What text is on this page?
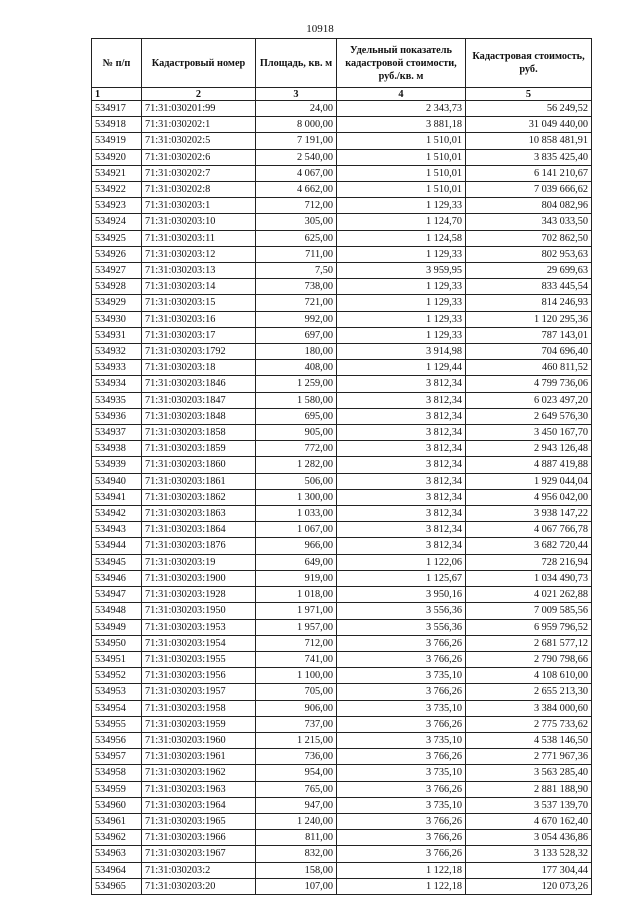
10918
№ п/п	Кадастровый номер	Площадь, кв. м	Удельный показатель кадастровой стоимости, руб./кв. м	Кадастровая стоимость, руб.
1	2	3	4	5
534917	71:31:030201:99	24,00	2 343,73	56 249,52
534918	71:31:030202:1	8 000,00	3 881,18	31 049 440,00
534919	71:31:030202:5	7 191,00	1 510,01	10 858 481,91
534920	71:31:030202:6	2 540,00	1 510,01	3 835 425,40
534921	71:31:030202:7	4 067,00	1 510,01	6 141 210,67
534922	71:31:030202:8	4 662,00	1 510,01	7 039 666,62
534923	71:31:030203:1	712,00	1 129,33	804 082,96
534924	71:31:030203:10	305,00	1 124,70	343 033,50
534925	71:31:030203:11	625,00	1 124,58	702 862,50
534926	71:31:030203:12	711,00	1 129,33	802 953,63
534927	71:31:030203:13	7,50	3 959,95	29 699,63
534928	71:31:030203:14	738,00	1 129,33	833 445,54
534929	71:31:030203:15	721,00	1 129,33	814 246,93
534930	71:31:030203:16	992,00	1 129,33	1 120 295,36
534931	71:31:030203:17	697,00	1 129,33	787 143,01
534932	71:31:030203:1792	180,00	3 914,98	704 696,40
534933	71:31:030203:18	408,00	1 129,44	460 811,52
534934	71:31:030203:1846	1 259,00	3 812,34	4 799 736,06
534935	71:31:030203:1847	1 580,00	3 812,34	6 023 497,20
534936	71:31:030203:1848	695,00	3 812,34	2 649 576,30
534937	71:31:030203:1858	905,00	3 812,34	3 450 167,70
534938	71:31:030203:1859	772,00	3 812,34	2 943 126,48
534939	71:31:030203:1860	1 282,00	3 812,34	4 887 419,88
534940	71:31:030203:1861	506,00	3 812,34	1 929 044,04
534941	71:31:030203:1862	1 300,00	3 812,34	4 956 042,00
534942	71:31:030203:1863	1 033,00	3 812,34	3 938 147,22
534943	71:31:030203:1864	1 067,00	3 812,34	4 067 766,78
534944	71:31:030203:1876	966,00	3 812,34	3 682 720,44
534945	71:31:030203:19	649,00	1 122,06	728 216,94
534946	71:31:030203:1900	919,00	1 125,67	1 034 490,73
534947	71:31:030203:1928	1 018,00	3 950,16	4 021 262,88
534948	71:31:030203:1950	1 971,00	3 556,36	7 009 585,56
534949	71:31:030203:1953	1 957,00	3 556,36	6 959 796,52
534950	71:31:030203:1954	712,00	3 766,26	2 681 577,12
534951	71:31:030203:1955	741,00	3 766,26	2 790 798,66
534952	71:31:030203:1956	1 100,00	3 735,10	4 108 610,00
534953	71:31:030203:1957	705,00	3 766,26	2 655 213,30
534954	71:31:030203:1958	906,00	3 735,10	3 384 000,60
534955	71:31:030203:1959	737,00	3 766,26	2 775 733,62
534956	71:31:030203:1960	1 215,00	3 735,10	4 538 146,50
534957	71:31:030203:1961	736,00	3 766,26	2 771 967,36
534958	71:31:030203:1962	954,00	3 735,10	3 563 285,40
534959	71:31:030203:1963	765,00	3 766,26	2 881 188,90
534960	71:31:030203:1964	947,00	3 735,10	3 537 139,70
534961	71:31:030203:1965	1 240,00	3 766,26	4 670 162,40
534962	71:31:030203:1966	811,00	3 766,26	3 054 436,86
534963	71:31:030203:1967	832,00	3 766,26	3 133 528,32
534964	71:31:030203:2	158,00	1 122,18	177 304,44
534965	71:31:030203:20	107,00	1 122,18	120 073,26
